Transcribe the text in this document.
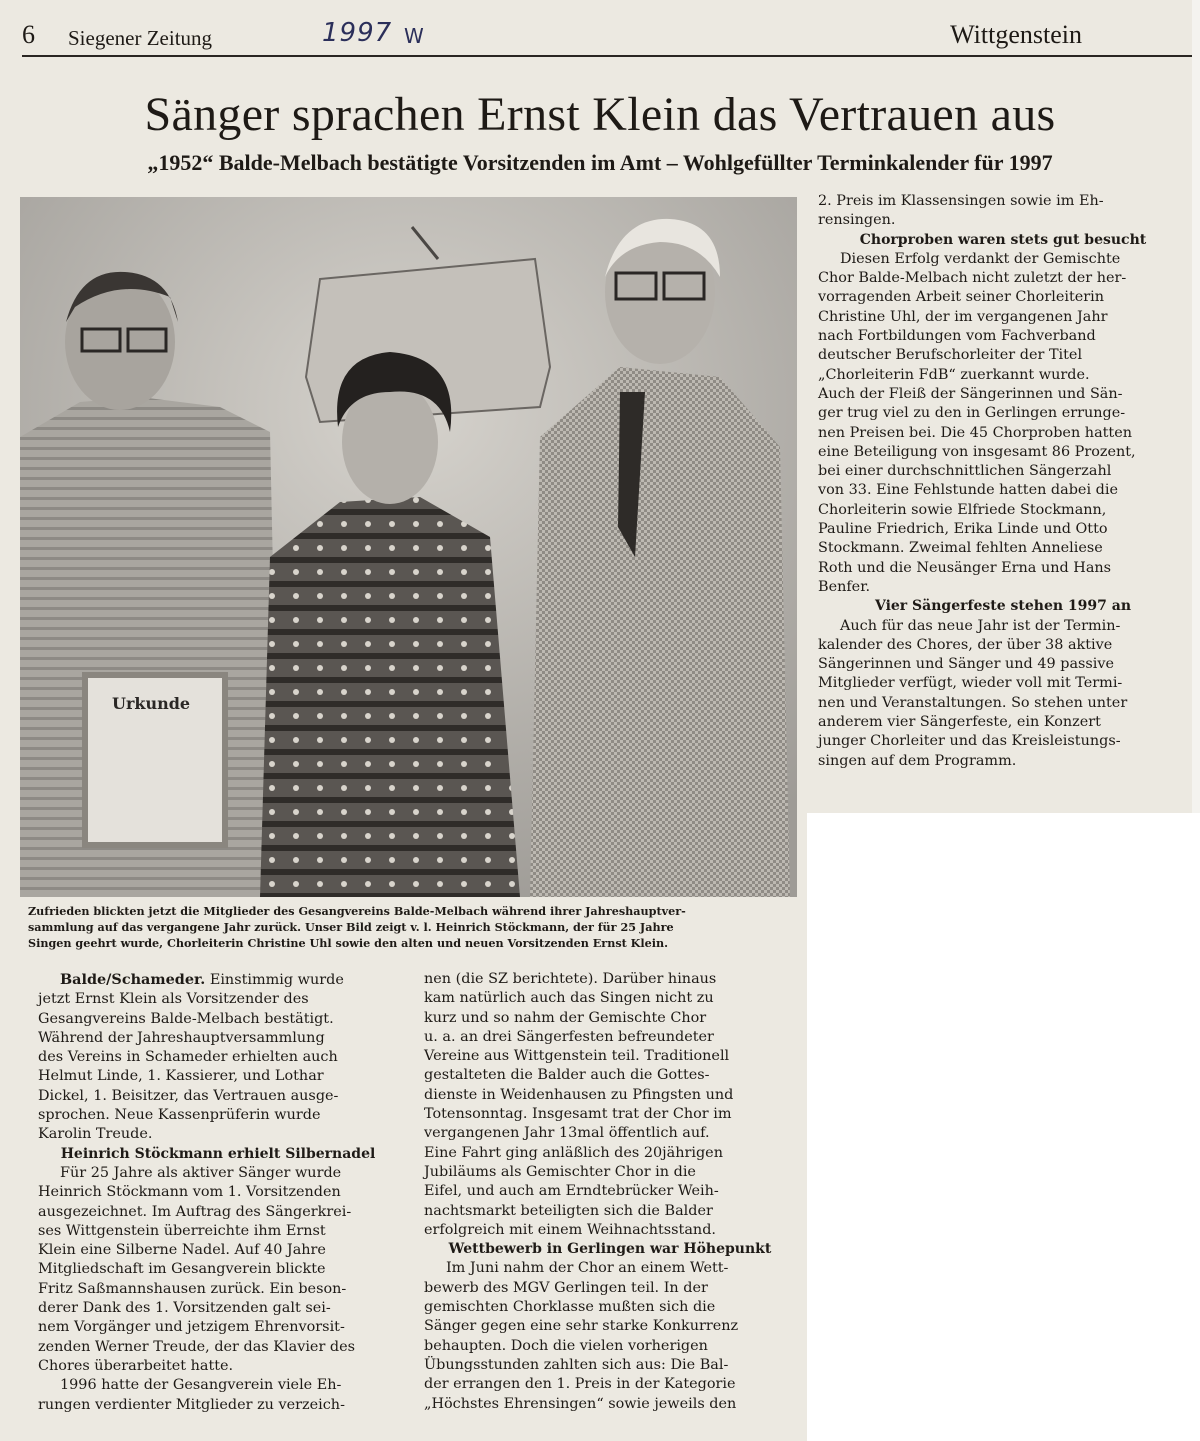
6 Siegener Zeitung	1997 W	Wittgenstein
Sänger sprachen Ernst Klein das Vertrauen aus
„1952“ Balde-Melbach bestätigte Vorsitzenden im Amt – Wohlgefüllter Terminkalender für 1997
Urkunde

Zufrieden blickten jetzt die Mitglieder des Gesangvereins Balde-Melbach während ihrer Jahreshauptver-

sammlung auf das vergangene Jahr zurück. Unser Bild zeigt v. l. Heinrich Stöckmann, der für 25 Jahre

Singen geehrt wurde, Chorleiterin Christine Uhl sowie den alten und neuen Vorsitzenden Ernst Klein.

Balde/Schameder. Einstimmig wurde

jetzt Ernst Klein als Vorsitzender des

Gesangvereins Balde-Melbach bestätigt.

Während der Jahreshauptversammlung

des Vereins in Schameder erhielten auch

Helmut Linde, 1. Kassierer, und Lothar

Dickel, 1. Beisitzer, das Vertrauen ausge-

sprochen. Neue Kassenprüferin wurde

Karolin Treude.

Heinrich Stöckmann erhielt Silbernadel

Für 25 Jahre als aktiver Sänger wurde

Heinrich Stöckmann vom 1. Vorsitzenden

ausgezeichnet. Im Auftrag des Sängerkrei-

ses Wittgenstein überreichte ihm Ernst

Klein eine Silberne Nadel. Auf 40 Jahre

Mitgliedschaft im Gesangverein blickte

Fritz Saßmannshausen zurück. Ein beson-

derer Dank des 1. Vorsitzenden galt sei-

nem Vorgänger und jetzigem Ehrenvorsit-

zenden Werner Treude, der das Klavier des

Chores überarbeitet hatte.

1996 hatte der Gesangverein viele Eh-

rungen verdienter Mitglieder zu verzeich-

nen (die SZ berichtete). Darüber hinaus

kam natürlich auch das Singen nicht zu

kurz und so nahm der Gemischte Chor

u. a. an drei Sängerfesten befreundeter

Vereine aus Wittgenstein teil. Traditionell

gestalteten die Balder auch die Gottes-

dienste in Weidenhausen zu Pfingsten und

Totensonntag. Insgesamt trat der Chor im

vergangenen Jahr 13mal öffentlich auf.

Eine Fahrt ging anläßlich des 20jährigen

Jubiläums als Gemischter Chor in die

Eifel, und auch am Erndtebrücker Weih-

nachtsmarkt beteiligten sich die Balder

erfolgreich mit einem Weihnachtsstand.

Wettbewerb in Gerlingen war Höhepunkt

Im Juni nahm der Chor an einem Wett-

bewerb des MGV Gerlingen teil. In der

gemischten Chorklasse mußten sich die

Sänger gegen eine sehr starke Konkurrenz

behaupten. Doch die vielen vorherigen

Übungsstunden zahlten sich aus: Die Bal-

der errangen den 1. Preis in der Kategorie

„Höchstes Ehrensingen“ sowie jeweils den

2. Preis im Klassensingen sowie im Eh-

rensingen.

Chorproben waren stets gut besucht

Diesen Erfolg verdankt der Gemischte

Chor Balde-Melbach nicht zuletzt der her-

vorragenden Arbeit seiner Chorleiterin

Christine Uhl, der im vergangenen Jahr

nach Fortbildungen vom Fachverband

deutscher Berufschorleiter der Titel

„Chorleiterin FdB“ zuerkannt wurde.

Auch der Fleiß der Sängerinnen und Sän-

ger trug viel zu den in Gerlingen errunge-

nen Preisen bei. Die 45 Chorproben hatten

eine Beteiligung von insgesamt 86 Prozent,

bei einer durchschnittlichen Sängerzahl

von 33. Eine Fehlstunde hatten dabei die

Chorleiterin sowie Elfriede Stockmann,

Pauline Friedrich, Erika Linde und Otto

Stockmann. Zweimal fehlten Anneliese

Roth und die Neusänger Erna und Hans

Benfer.

Vier Sängerfeste stehen 1997 an

Auch für das neue Jahr ist der Termin-

kalender des Chores, der über 38 aktive

Sängerinnen und Sänger und 49 passive

Mitglieder verfügt, wieder voll mit Termi-

nen und Veranstaltungen. So stehen unter

anderem vier Sängerfeste, ein Konzert

junger Chorleiter und das Kreisleistungs-

singen auf dem Programm.
